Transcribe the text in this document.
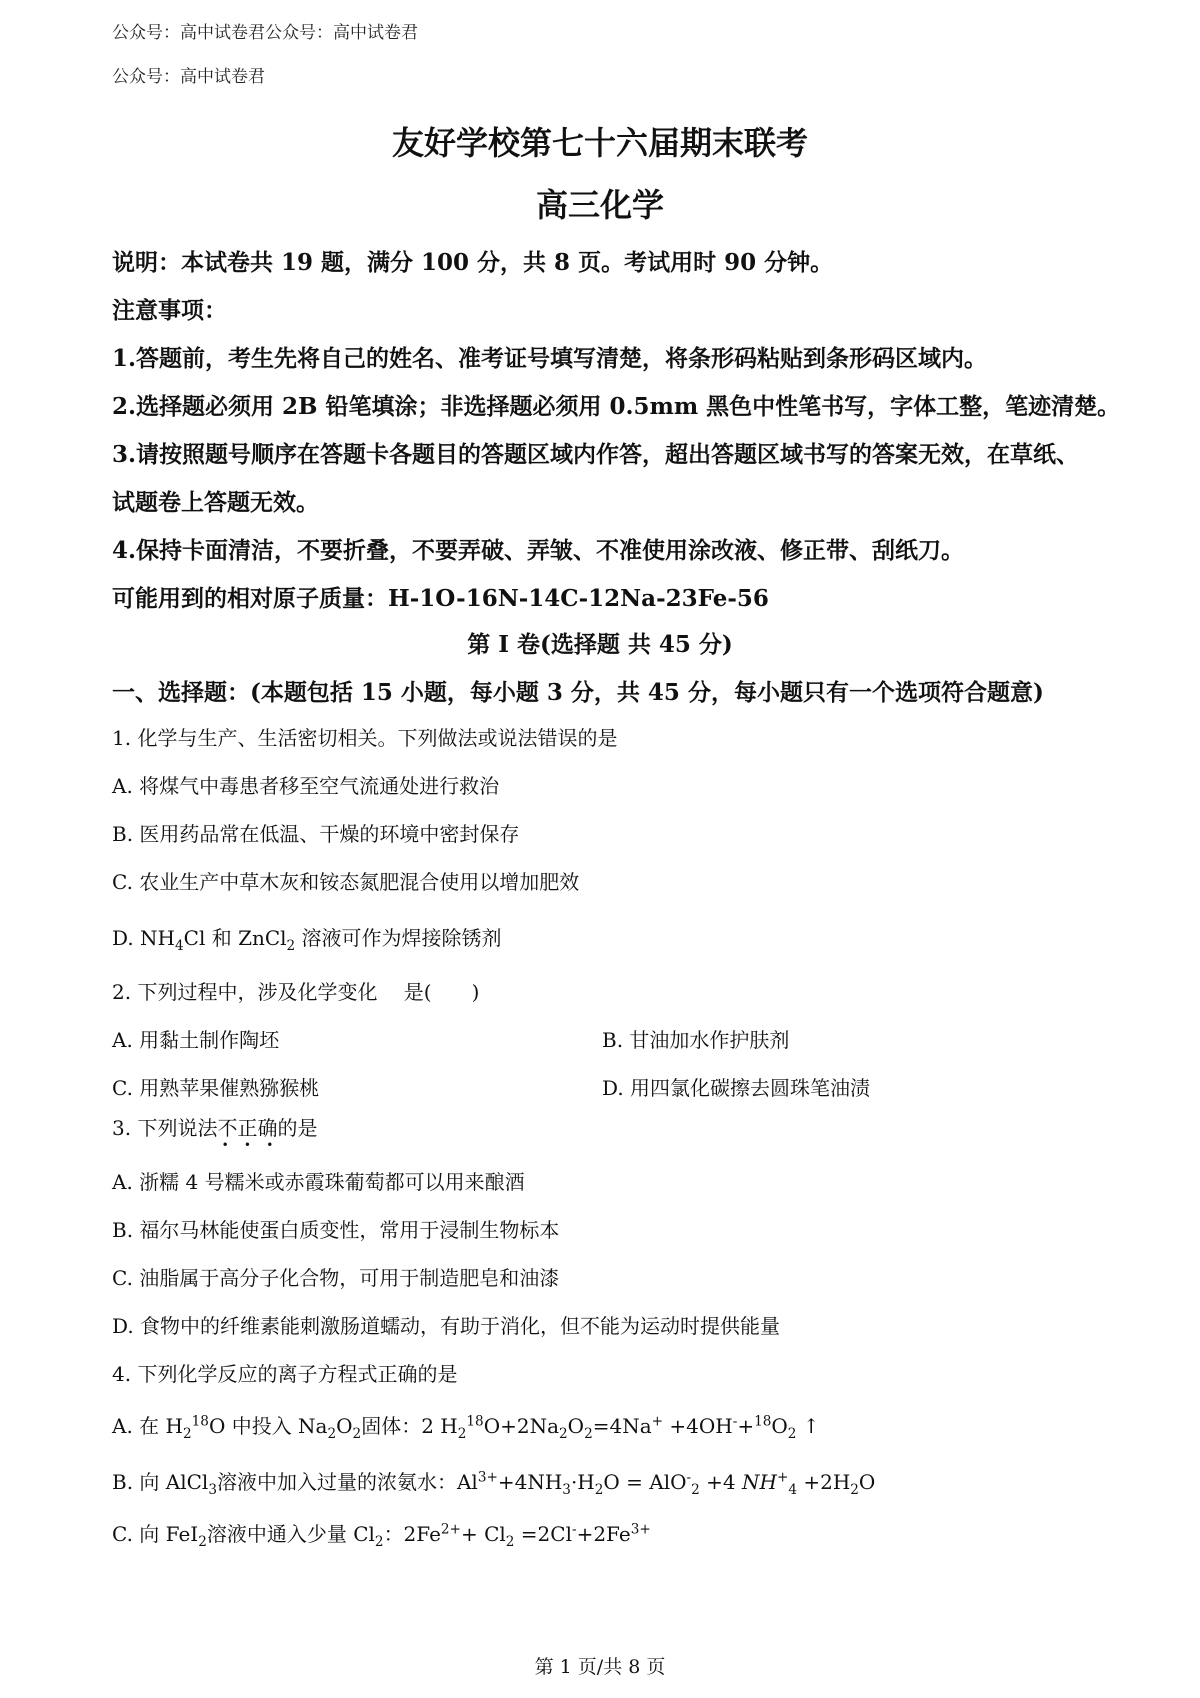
公众号：高中试卷君公众号：高中试卷君
公众号：高中试卷君
友好学校第七十六届期末联考
高三化学
说明：本试卷共 19 题，满分 100 分，共 8 页。考试用时 90 分钟。
注意事项：
1.答题前，考生先将自己的姓名、准考证号填写清楚，将条形码粘贴到条形码区域内。
2.选择题必须用 2B 铅笔填涂；非选择题必须用 0.5mm 黑色中性笔书写，字体工整，笔迹清楚。
3.请按照题号顺序在答题卡各题目的答题区域内作答，超出答题区域书写的答案无效，在草纸、
试题卷上答题无效。
4.保持卡面清洁，不要折叠，不要弄破、弄皱、不准使用涂改液、修正带、刮纸刀。
可能用到的相对原子质量：H-1O-16N-14C-12Na-23Fe-56
第 I 卷(选择题 共 45 分)
一、选择题：(本题包括 15 小题，每小题 3 分，共 45 分，每小题只有一个选项符合题意)
1. 化学与生产、生活密切相关。下列做法或说法错误的是
A. 将煤气中毒患者移至空气流通处进行救治
B. 医用药品常在低温、干燥的环境中密封保存
C. 农业生产中草木灰和铵态氮肥混合使用以增加肥效
D. $NH_4Cl$ 和 ZnCl$_2$ 溶液可作为焊接除锈剂
2. 下列过程中，涉及化学变化　 是(　　)
A. 用黏土制作陶坯	B. 甘油加水作护肤剂
C. 用熟苹果催熟猕猴桃	D. 用四氯化碳擦去圆珠笔油渍
3. 下列说法不正确
•    •    •
的是
A. 浙糯 4 号糯米或赤霞珠葡萄都可以用来酿酒
B. 福尔马林能使蛋白质变性，常用于浸制生物标本
C. 油脂属于高分子化合物，可用于制造肥皂和油漆
D. 食物中的纤维素能刺激肠道蠕动，有助于消化，但不能为运动时提供能量
4. 下列化学反应的离子方程式正确的是
A. 在 $H_2^{18}O$ 中投入 $Na_2O_2$固体：2 $H_2^{18}O+2Na_2O_2=4Na^+ +4OH^-+^{18}O_2$ ↑
B. 向 AlCl$_3$溶液中加入过量的浓氨水：$Al^{3+}+4NH_3\cdot H_2O = AlO^-_2 +4$ $NH^+_4 +2H_2O$
C. 向 FeI$_2$溶液中通入少量 $Cl_2$：$2Fe^{2+}+ Cl_2 =2Cl^-+2Fe^{3+}$
第 1 页/共 8 页
